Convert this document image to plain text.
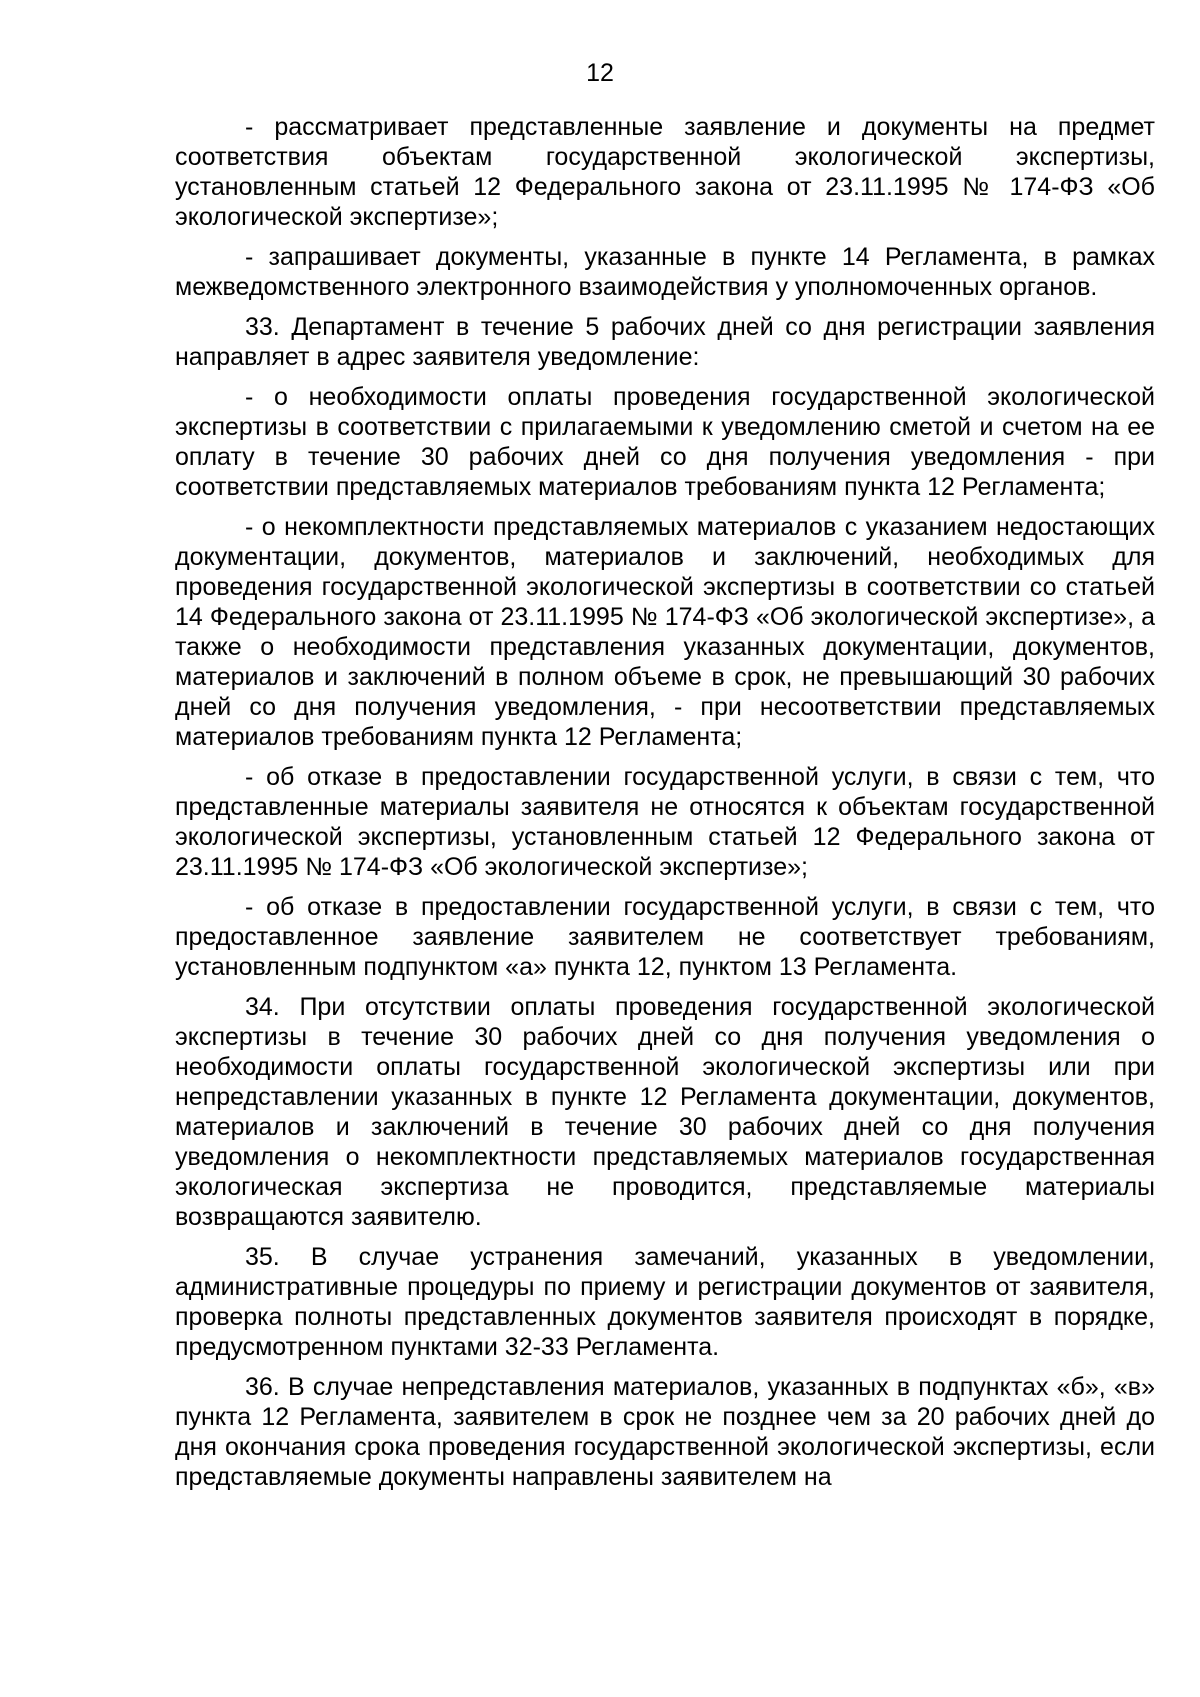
12

- рассматривает представленные заявление и документы на предмет соответствия объектам государственной экологической экспертизы, установленным статьей 12 Федерального закона от 23.11.1995 № 174-ФЗ «Об экологической экспертизе»;

- запрашивает документы, указанные в пункте 14 Регламента, в рамках межведомственного электронного взаимодействия у уполномоченных органов.

33. Департамент в течение 5 рабочих дней со дня регистрации заявления направляет в адрес заявителя уведомление:

- о необходимости оплаты проведения государственной экологической экспертизы в соответствии с прилагаемыми к уведомлению сметой и счетом на ее оплату в течение 30 рабочих дней со дня получения уведомления - при соответствии представляемых материалов требованиям пункта 12 Регламента;

- о некомплектности представляемых материалов с указанием недостающих документации, документов, материалов и заключений, необходимых для проведения государственной экологической экспертизы в соответствии со статьей 14 Федерального закона от 23.11.1995 № 174-ФЗ «Об экологической экспертизе», а также о необходимости представления указанных документации, документов, материалов и заключений в полном объеме в срок, не превышающий 30 рабочих дней со дня получения уведомления, - при несоответствии представляемых материалов требованиям пункта 12 Регламента;

- об отказе в предоставлении государственной услуги, в связи с тем, что представленные материалы заявителя не относятся к объектам государственной экологической экспертизы, установленным статьей 12 Федерального закона от 23.11.1995 № 174-ФЗ «Об экологической экспертизе»;

- об отказе в предоставлении государственной услуги, в связи с тем, что предоставленное заявление заявителем не соответствует требованиям, установленным подпунктом «а» пункта 12, пунктом 13 Регламента.

34. При отсутствии оплаты проведения государственной экологической экспертизы в течение 30 рабочих дней со дня получения уведомления о необходимости оплаты государственной экологической экспертизы или при непредставлении указанных в пункте 12 Регламента документации, документов, материалов и заключений в течение 30 рабочих дней со дня получения уведомления о некомплектности представляемых материалов государственная экологическая экспертиза не проводится, представляемые материалы возвращаются заявителю.

35. В случае устранения замечаний, указанных в уведомлении, административные процедуры по приему и регистрации документов от заявителя, проверка полноты представленных документов заявителя происходят в порядке, предусмотренном пунктами 32-33 Регламента.

36. В случае непредставления материалов, указанных в подпунктах «б», «в» пункта 12 Регламента, заявителем в срок не позднее чем за 20 рабочих дней до дня окончания срока проведения государственной экологической экспертизы, если представляемые документы направлены заявителем на
